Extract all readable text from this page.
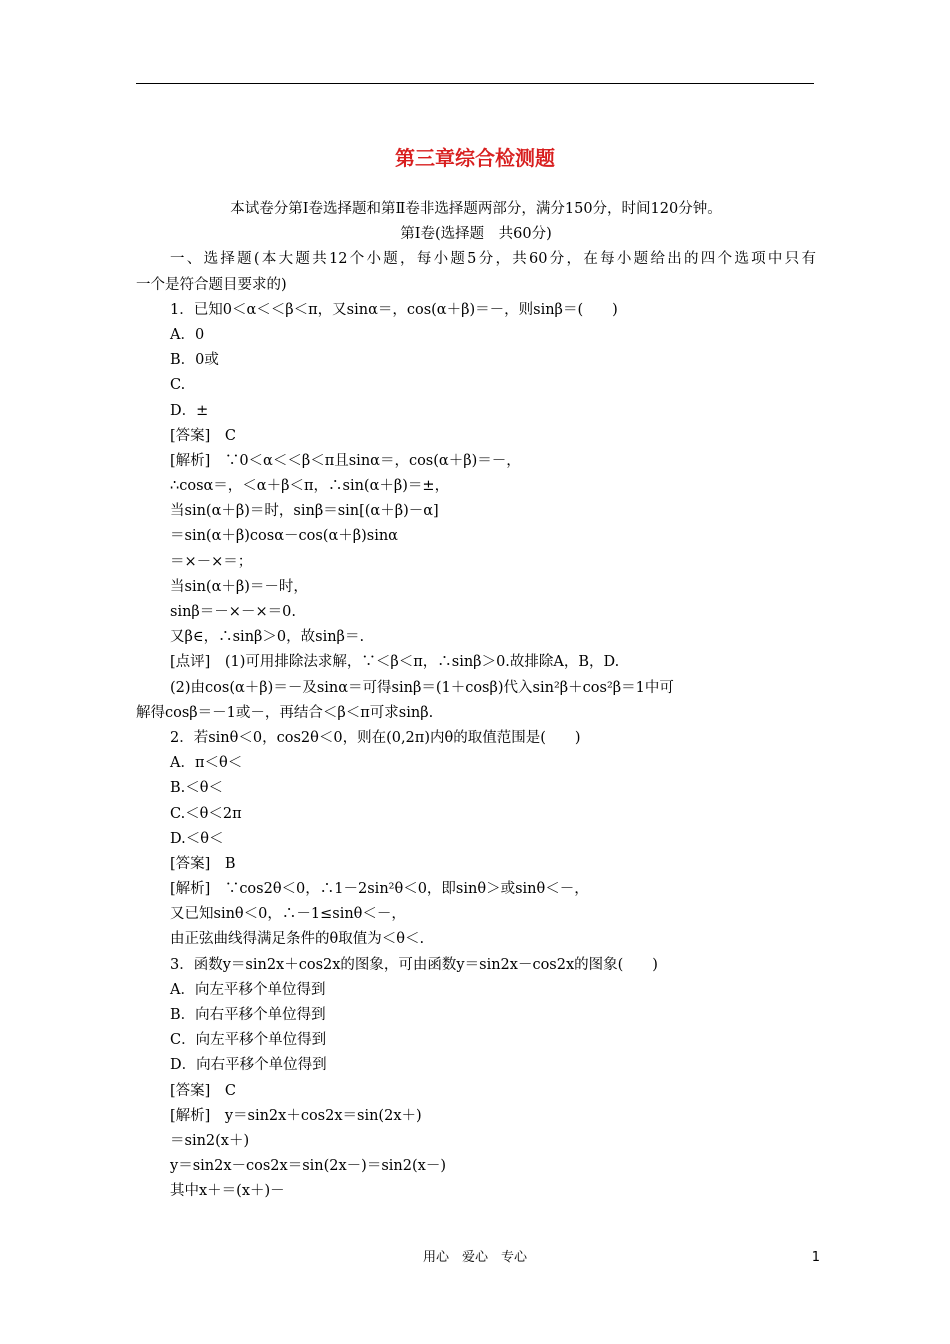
第三章综合检测题
本试卷分第Ⅰ卷选择题和第Ⅱ卷非选择题两部分，满分150分，时间120分钟。
第Ⅰ卷(选择题　共60分)
一、选择题(本大题共12个小题，每小题5分，共60分，在每小题给出的四个选项中只有
一个是符合题目要求的)
1．已知0＜α＜＜β＜π，又sinα＝，cos(α＋β)＝－，则sinβ＝(　　)
A．0
B．0或
C.
D．±
[答案]　C
[解析]　∵0＜α＜＜β＜π且sinα＝，cos(α＋β)＝－，
∴cosα＝，＜α＋β＜π，∴sin(α＋β)＝±，
当sin(α＋β)＝时，sinβ＝sin[(α＋β)－α]
＝sin(α＋β)cosα－cos(α＋β)sinα
＝×－×＝；
当sin(α＋β)＝－时，
sinβ＝－×－×＝0.
又β∈，∴sinβ＞0，故sinβ＝.
[点评]　(1)可用排除法求解，∵＜β＜π，∴sinβ＞0.故排除A，B，D.
(2)由cos(α＋β)＝－及sinα＝可得sinβ＝(1＋cosβ)代入sin²β＋cos²β＝1中可
解得cosβ＝－1或－，再结合＜β＜π可求sinβ.
2．若sinθ＜0，cos2θ＜0，则在(0,2π)内θ的取值范围是(　　)
A．π＜θ＜
B.＜θ＜
C.＜θ＜2π
D.＜θ＜
[答案]　B
[解析]　∵cos2θ＜0，∴1－2sin²θ＜0，即sinθ＞或sinθ＜－，
又已知sinθ＜0，∴－1≤sinθ＜－，
由正弦曲线得满足条件的θ取值为＜θ＜.
3．函数y＝sin2x＋cos2x的图象，可由函数y＝sin2x－cos2x的图象(　　)
A．向左平移个单位得到
B．向右平移个单位得到
C．向左平移个单位得到
D．向右平移个单位得到
[答案]　C
[解析]　y＝sin2x＋cos2x＝sin(2x＋)
＝sin2(x＋)
y＝sin2x－cos2x＝sin(2x－)＝sin2(x－)
其中x＋＝(x＋)－
用心　爱心　专心	1
